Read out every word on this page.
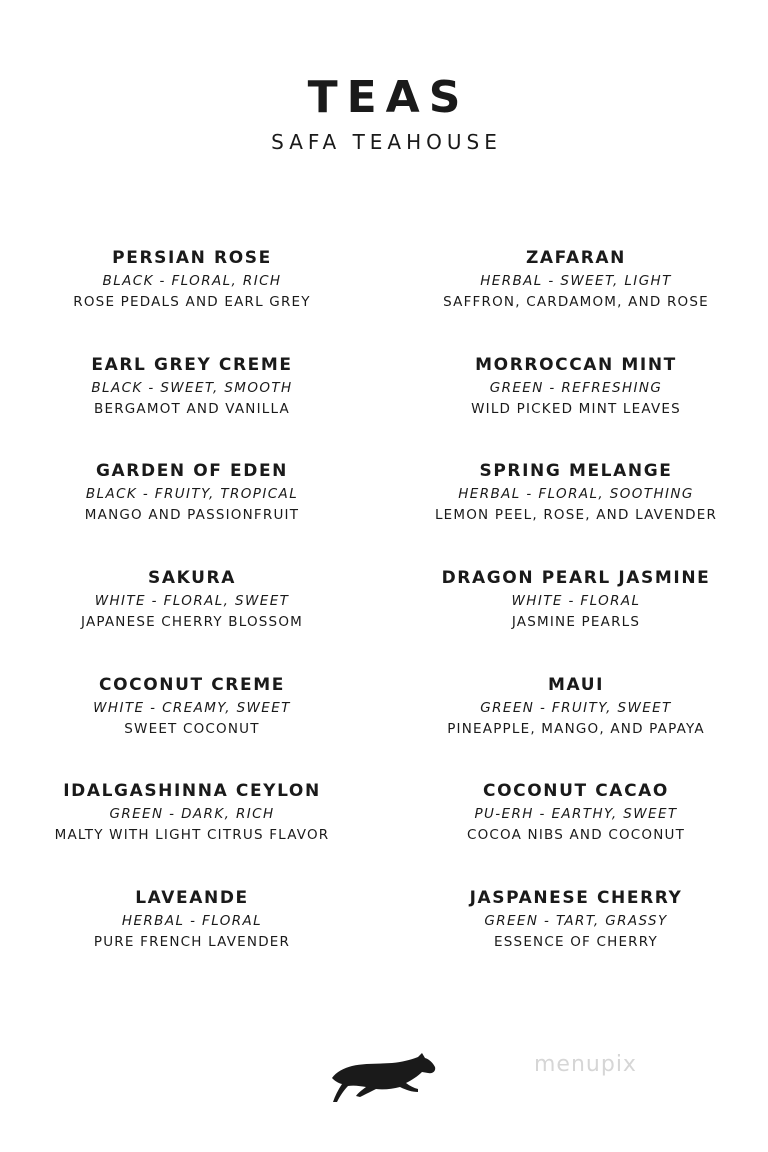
TEAS
SAFA TEAHOUSE
PERSIAN ROSE
BLACK - FLORAL, RICH
ROSE PEDALS AND EARL GREY
EARL GREY CREME
BLACK - SWEET, SMOOTH
BERGAMOT AND VANILLA
GARDEN OF EDEN
BLACK - FRUITY, TROPICAL
MANGO AND PASSIONFRUIT
SAKURA
WHITE - FLORAL, SWEET
JAPANESE CHERRY BLOSSOM
COCONUT CREME
WHITE - CREAMY, SWEET
SWEET COCONUT
IDALGASHINNA CEYLON
GREEN - DARK, RICH
MALTY WITH LIGHT CITRUS FLAVOR
LAVEANDE
HERBAL - FLORAL
PURE FRENCH LAVENDER
ZAFARAN
HERBAL - SWEET, LIGHT
SAFFRON, CARDAMOM, AND ROSE
MORROCCAN MINT
GREEN - REFRESHING
WILD PICKED MINT LEAVES
SPRING MELANGE
HERBAL - FLORAL, SOOTHING
LEMON PEEL, ROSE, AND LAVENDER
DRAGON PEARL JASMINE
WHITE - FLORAL
JASMINE PEARLS
MAUI
GREEN - FRUITY, SWEET
PINEAPPLE, MANGO, AND PAPAYA
COCONUT CACAO
PU-ERH - EARTHY, SWEET
COCOA NIBS AND COCONUT
JASPANESE CHERRY
GREEN - TART, GRASSY
ESSENCE OF CHERRY
menupix
